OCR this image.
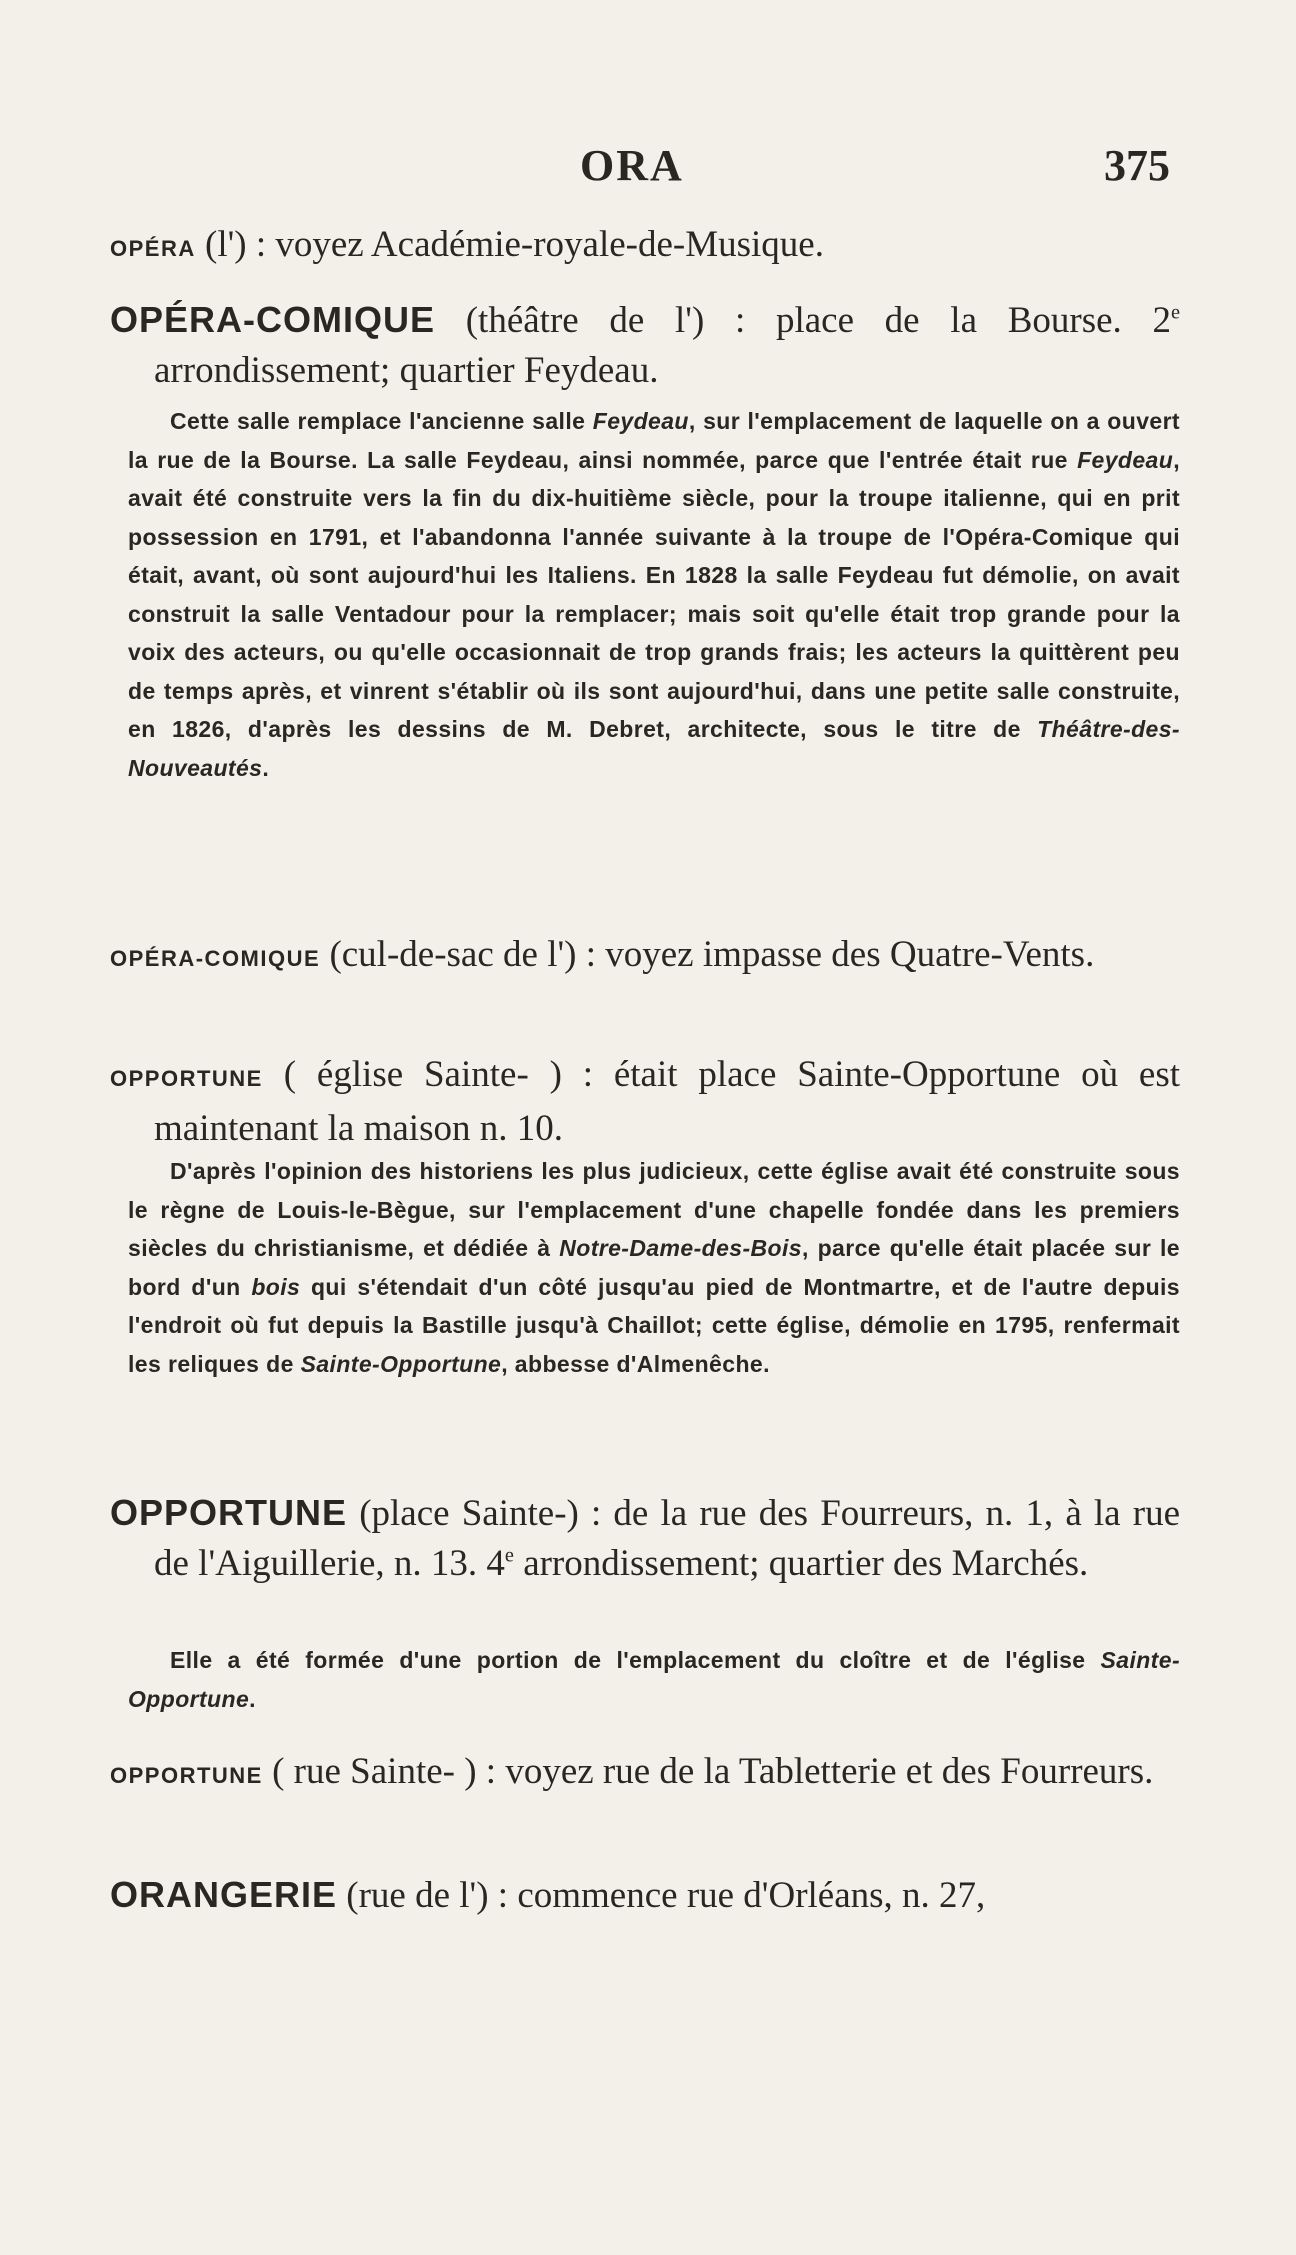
ORA	375

OPÉRA (l') : voyez Académie-royale-de-Musique.

OPÉRA-COMIQUE (théâtre de l') : place de la Bourse. 2e arrondissement; quartier Feydeau.

Cette salle remplace l'ancienne salle Feydeau, sur l'emplacement de laquelle on a ouvert la rue de la Bourse. La salle Feydeau, ainsi nommée, parce que l'entrée était rue Feydeau, avait été construite vers la fin du dix-huitième siècle, pour la troupe italienne, qui en prit possession en 1791, et l'abandonna l'année suivante à la troupe de l'Opéra-Comique qui était, avant, où sont aujourd'hui les Italiens. En 1828 la salle Feydeau fut démolie, on avait construit la salle Ventadour pour la remplacer; mais soit qu'elle était trop grande pour la voix des acteurs, ou qu'elle occasionnait de trop grands frais; les acteurs la quittèrent peu de temps après, et vinrent s'établir où ils sont aujourd'hui, dans une petite salle construite, en 1826, d'après les dessins de M. Debret, architecte, sous le titre de Théâtre-des-Nouveautés.

OPÉRA-COMIQUE (cul-de-sac de l') : voyez impasse des Quatre-Vents.

OPPORTUNE ( église Sainte- ) : était place Sainte-Opportune où est maintenant la maison n. 10.

D'après l'opinion des historiens les plus judicieux, cette église avait été construite sous le règne de Louis-le-Bègue, sur l'emplacement d'une chapelle fondée dans les premiers siècles du christianisme, et dédiée à Notre-Dame-des-Bois, parce qu'elle était placée sur le bord d'un bois qui s'étendait d'un côté jusqu'au pied de Montmartre, et de l'autre depuis l'endroit où fut depuis la Bastille jusqu'à Chaillot; cette église, démolie en 1795, renfermait les reliques de Sainte-Opportune, abbesse d'Almenêche.

OPPORTUNE (place Sainte-) : de la rue des Fourreurs, n. 1, à la rue de l'Aiguillerie, n. 13. 4e arrondissement; quartier des Marchés.

Elle a été formée d'une portion de l'emplacement du cloître et de l'église Sainte-Opportune.

OPPORTUNE ( rue Sainte- ) : voyez rue de la Tabletterie et des Fourreurs.

ORANGERIE (rue de l') : commence rue d'Orléans, n. 27,
